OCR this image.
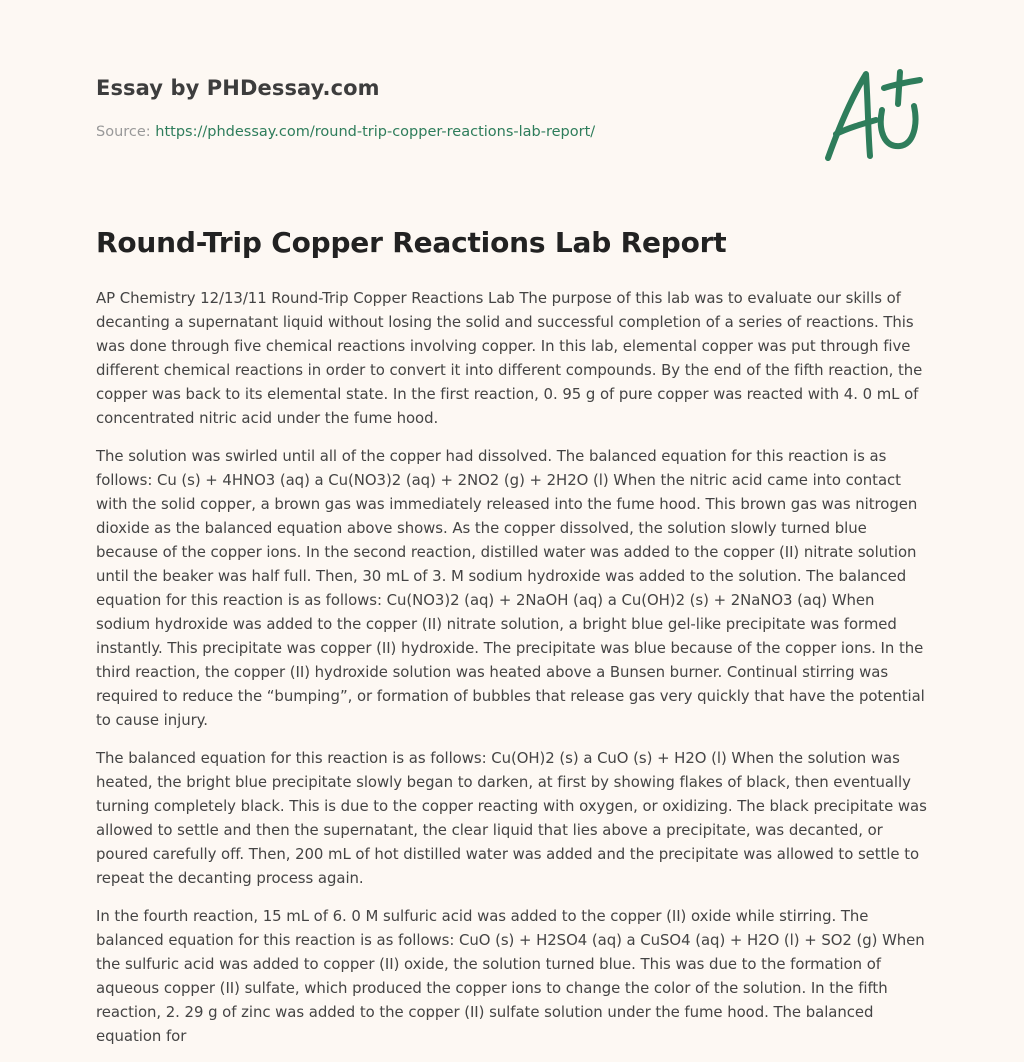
Essay by PHDessay.com
Source: https://phdessay.com/round-trip-copper-reactions-lab-report/
Round-Trip Copper Reactions Lab Report

AP Chemistry 12/13/11 Round-Trip Copper Reactions Lab The purpose of this lab was to evaluate our skills of decanting a supernatant liquid without losing the solid and successful completion of a series of reactions. This was done through five chemical reactions involving copper. In this lab, elemental copper was put through five different chemical reactions in order to convert it into different compounds. By the end of the fifth reaction, the copper was back to its elemental state. In the first reaction, 0. 95 g of pure copper was reacted with 4. 0 mL of concentrated nitric acid under the fume hood.

The solution was swirled until all of the copper had dissolved. The balanced equation for this reaction is as follows: Cu (s) + 4HNO3 (aq) a Cu(NO3)2 (aq) + 2NO2 (g) + 2H2O (l) When the nitric acid came into contact with the solid copper, a brown gas was immediately released into the fume hood. This brown gas was nitrogen dioxide as the balanced equation above shows. As the copper dissolved, the solution slowly turned blue because of the copper ions. In the second reaction, distilled water was added to the copper (II) nitrate solution until the beaker was half full. Then, 30 mL of 3. M sodium hydroxide was added to the solution. The balanced equation for this reaction is as follows: Cu(NO3)2 (aq) + 2NaOH (aq) a Cu(OH)2 (s) + 2NaNO3 (aq) When sodium hydroxide was added to the copper (II) nitrate solution, a bright blue gel-like precipitate was formed instantly. This precipitate was copper (II) hydroxide. The precipitate was blue because of the copper ions. In the third reaction, the copper (II) hydroxide solution was heated above a Bunsen burner. Continual stirring was required to reduce the “bumping”, or formation of bubbles that release gas very quickly that have the potential to cause injury.

The balanced equation for this reaction is as follows: Cu(OH)2 (s) a CuO (s) + H2O (l) When the solution was heated, the bright blue precipitate slowly began to darken, at first by showing flakes of black, then eventually turning completely black. This is due to the copper reacting with oxygen, or oxidizing. The black precipitate was allowed to settle and then the supernatant, the clear liquid that lies above a precipitate, was decanted, or poured carefully off. Then, 200 mL of hot distilled water was added and the precipitate was allowed to settle to repeat the decanting process again.

In the fourth reaction, 15 mL of 6. 0 M sulfuric acid was added to the copper (II) oxide while stirring. The balanced equation for this reaction is as follows: CuO (s) + H2SO4 (aq) a CuSO4 (aq) + H2O (l) + SO2 (g) When the sulfuric acid was added to copper (II) oxide, the solution turned blue. This was due to the formation of aqueous copper (II) sulfate, which produced the copper ions to change the color of the solution. In the fifth reaction, 2. 29 g of zinc was added to the copper (II) sulfate solution under the fume hood. The balanced equation for
